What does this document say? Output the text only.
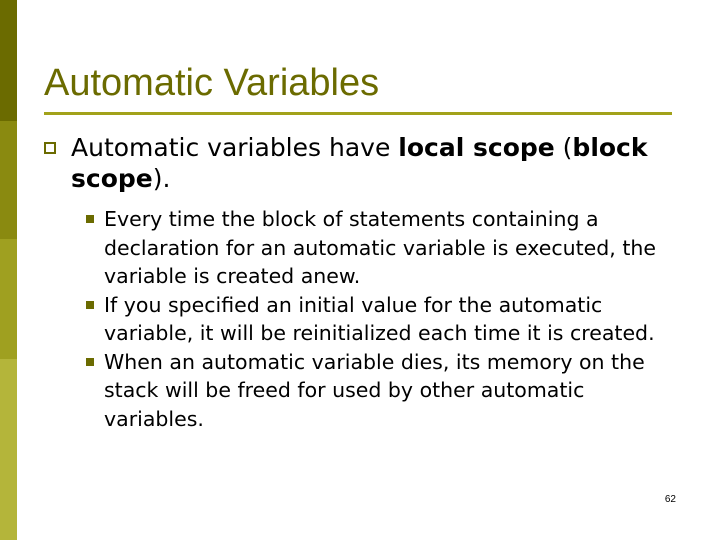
Automatic Variables

Automatic variables have local scope (block scope).

Every time the block of statements containing a declaration for an automatic variable is executed, the variable is created anew.
If you specified an initial value for the automatic variable, it will be reinitialized each time it is created.
When an automatic variable dies, its memory on the stack will be freed for used by other automatic variables.
62
